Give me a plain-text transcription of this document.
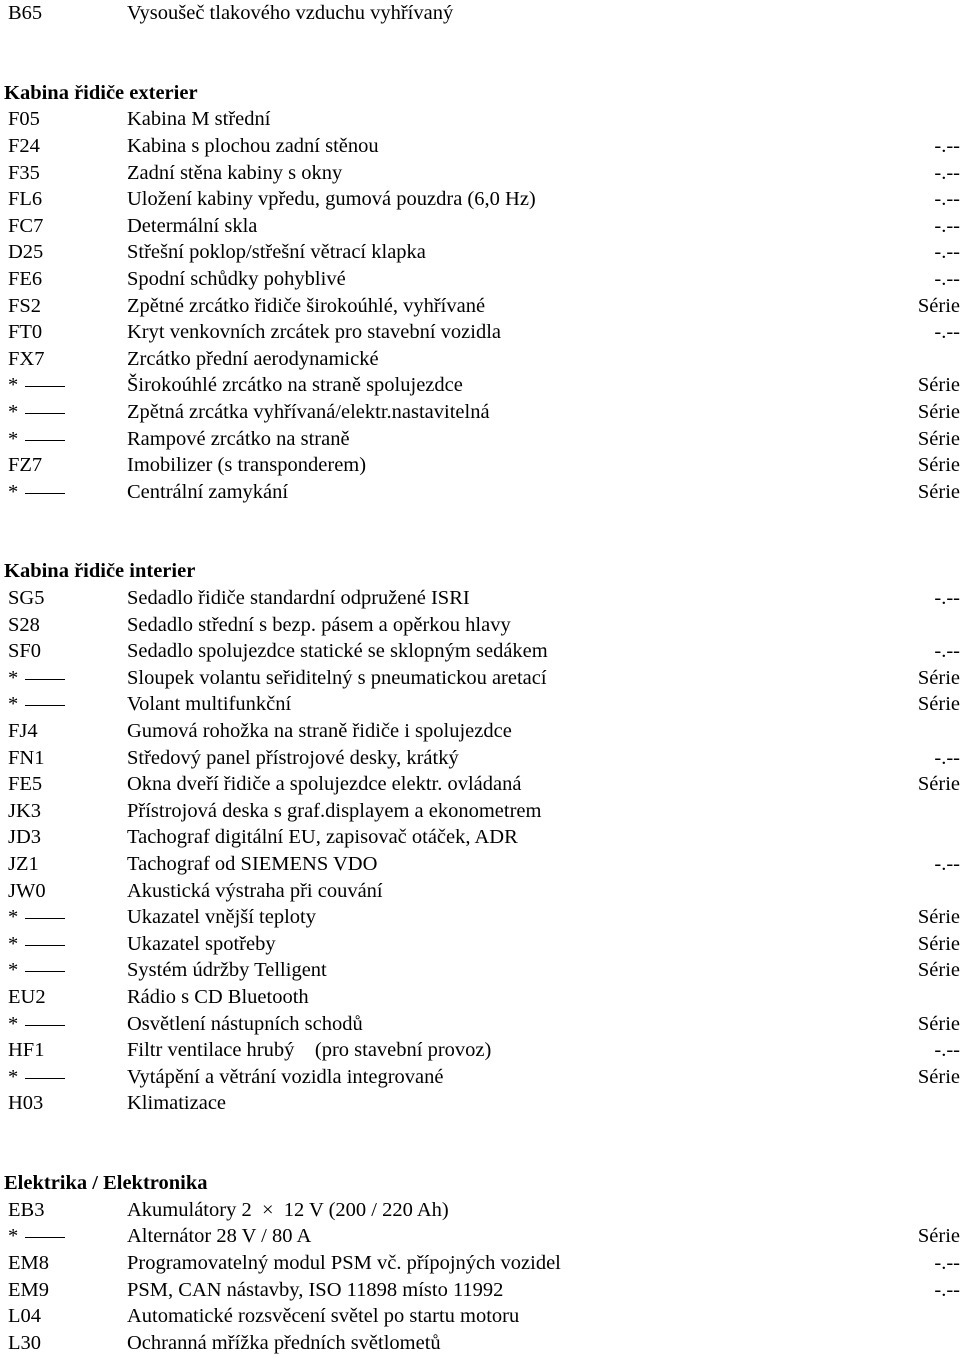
B65	Vysoušeč tlakového vzduchu vyhřívaný
Kabina řidiče exterier
F05	Kabina M střední
F24	Kabina s plochou zadní stěnou	-.--
F35	Zadní stěna kabiny s okny	-.--
FL6	Uložení kabiny vpředu, gumová pouzdra (6,0 Hz)	-.--
FC7	Determální skla	-.--
D25	Střešní poklop/střešní větrací klapka	-.--
FE6	Spodní schůdky pohyblivé	-.--
FS2	Zpětné zrcátko řidiče širokoúhlé, vyhřívané	Série
FT0	Kryt venkovních zrcátek pro stavební vozidla	-.--
FX7	Zrcátko přední aerodynamické
*	Širokoúhlé zrcátko na straně spolujezdce	Série
*	Zpětná zrcátka vyhřívaná/elektr.nastavitelná	Série
*	Rampové zrcátko na straně	Série
FZ7	Imobilizer (s transponderem)	Série
*	Centrální zamykání	Série
Kabina řidiče interier
SG5	Sedadlo řidiče standardní odpružené ISRI	-.--
S28	Sedadlo střední s bezp. pásem a opěrkou hlavy
SF0	Sedadlo spolujezdce statické se sklopným sedákem	-.--
*	Sloupek volantu seřiditelný s pneumatickou aretací	Série
*	Volant multifunkční	Série
FJ4	Gumová rohožka na straně řidiče i spolujezdce
FN1	Středový panel přístrojové desky, krátký	-.--
FE5	Okna dveří řidiče a spolujezdce elektr. ovládaná	Série
JK3	Přístrojová deska s graf.displayem a ekonometrem
JD3	Tachograf digitální EU, zapisovač otáček, ADR
JZ1	Tachograf od SIEMENS VDO	-.--
JW0	Akustická výstraha při couvání
*	Ukazatel vnější teploty	Série
*	Ukazatel spotřeby	Série
*	Systém údržby Telligent	Série
EU2	Rádio s CD Bluetooth
*	Osvětlení nástupních schodů	Série
HF1	Filtr ventilace hrubý    (pro stavební provoz)	-.--
*	Vytápění a větrání vozidla integrované	Série
H03	Klimatizace
Elektrika / Elektronika
EB3	Akumulátory 2  ×  12 V (200 / 220 Ah)
*	Alternátor 28 V / 80 A	Série
EM8	Programovatelný modul PSM vč. přípojných vozidel	-.--
EM9	PSM, CAN nástavby, ISO 11898 místo 11992	-.--
L04	Automatické rozsvěcení světel po startu motoru
L30	Ochranná mřížka předních světlometů
